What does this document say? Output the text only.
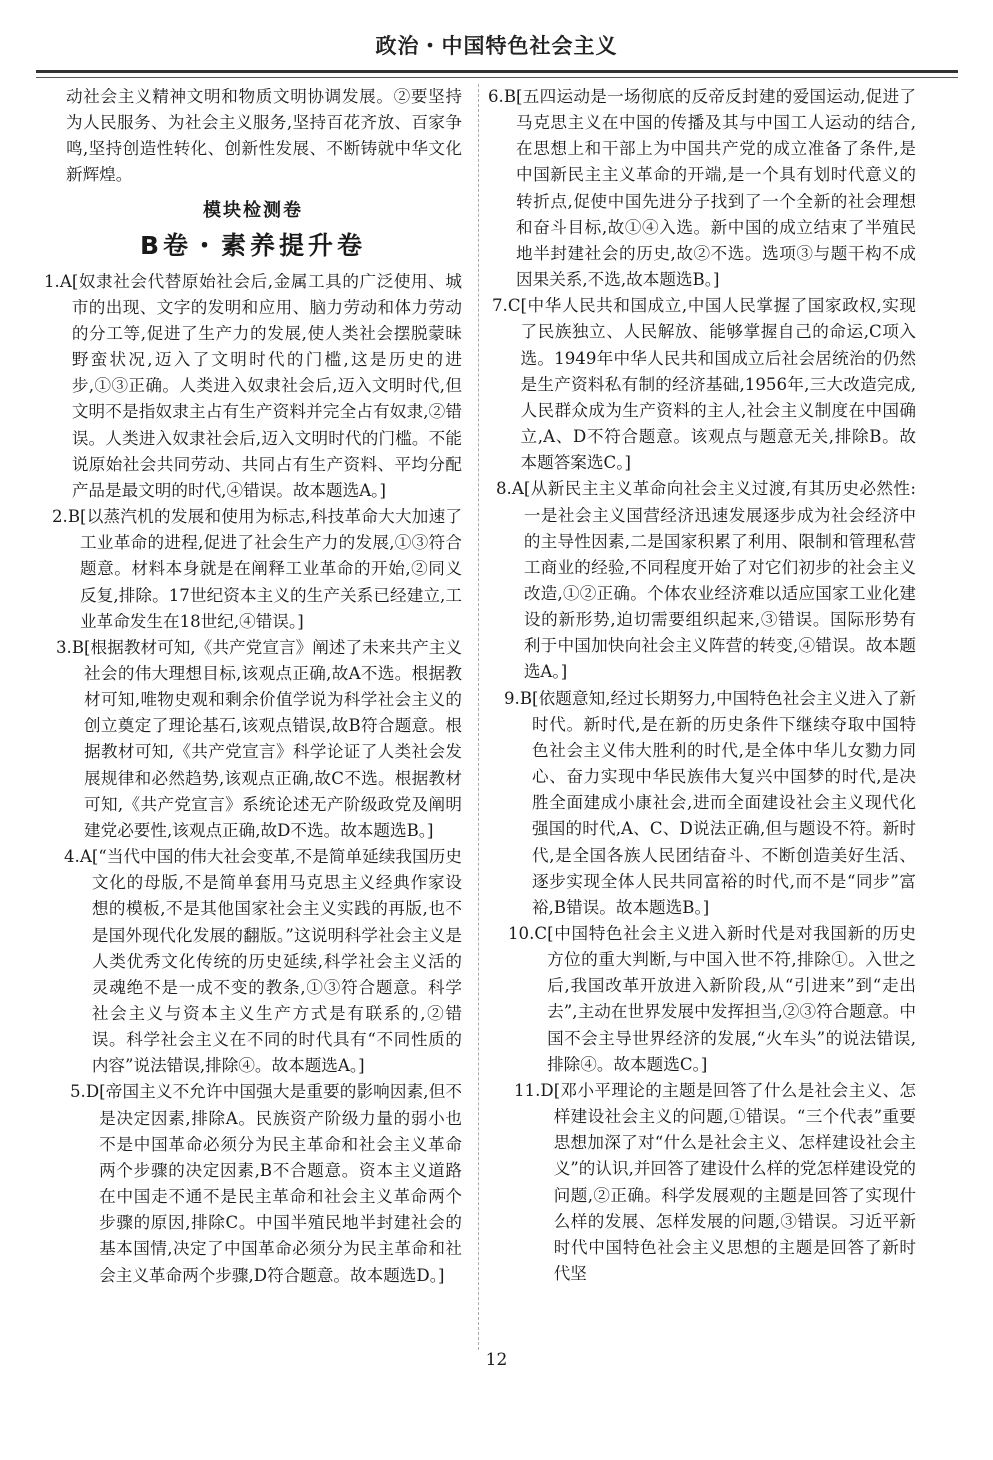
政治・中国特色社会主义

动社会主义精神文明和物质文明协调发展。②要坚持为人民服务、为社会主义服务,坚持百花齐放、百家争鸣,坚持创造性转化、创新性发展、不断铸就中华文化新辉煌。

模块检测卷
B卷・素养提升卷
1.A [奴隶社会代替原始社会后,金属工具的广泛使用、城市的出现、文字的发明和应用、脑力劳动和体力劳动的分工等,促进了生产力的发展,使人类社会摆脱蒙昧野蛮状况,迈入了文明时代的门槛,这是历史的进步,①③正确。人类进入奴隶社会后,迈入文明时代,但文明不是指奴隶主占有生产资料并完全占有奴隶,②错误。人类进入奴隶社会后,迈入文明时代的门槛。不能说原始社会共同劳动、共同占有生产资料、平均分配产品是最文明的时代,④错误。故本题选A。]
2.B [以蒸汽机的发展和使用为标志,科技革命大大加速了工业革命的进程,促进了社会生产力的发展,①③符合题意。材料本身就是在阐释工业革命的开始,②同义反复,排除。17世纪资本主义的生产关系已经建立,工业革命发生在18世纪,④错误。]
3.B [根据教材可知,《共产党宣言》阐述了未来共产主义社会的伟大理想目标,该观点正确,故A不选。根据教材可知,唯物史观和剩余价值学说为科学社会主义的创立奠定了理论基石,该观点错误,故B符合题意。根据教材可知,《共产党宣言》科学论证了人类社会发展规律和必然趋势,该观点正确,故C不选。根据教材可知,《共产党宣言》系统论述无产阶级政党及阐明建党必要性,该观点正确,故D不选。故本题选B。]
4.A [“当代中国的伟大社会变革,不是简单延续我国历史文化的母版,不是简单套用马克思主义经典作家设想的模板,不是其他国家社会主义实践的再版,也不是国外现代化发展的翻版。”这说明科学社会主义是人类优秀文化传统的历史延续,科学社会主义活的灵魂绝不是一成不变的教条,①③符合题意。科学社会主义与资本主义生产方式是有联系的,②错误。科学社会主义在不同的时代具有“不同性质的内容”说法错误,排除④。故本题选A。]
5.D [帝国主义不允许中国强大是重要的影响因素,但不是决定因素,排除A。民族资产阶级力量的弱小也不是中国革命必须分为民主革命和社会主义革命两个步骤的决定因素,B不合题意。资本主义道路在中国走不通不是民主革命和社会主义革命两个步骤的原因,排除C。中国半殖民地半封建社会的基本国情,决定了中国革命必须分为民主革命和社会主义革命两个步骤,D符合题意。故本题选D。]
6.B [五四运动是一场彻底的反帝反封建的爱国运动,促进了马克思主义在中国的传播及其与中国工人运动的结合,在思想上和干部上为中国共产党的成立准备了条件,是中国新民主主义革命的开端,是一个具有划时代意义的转折点,促使中国先进分子找到了一个全新的社会理想和奋斗目标,故①④入选。新中国的成立结束了半殖民地半封建社会的历史,故②不选。选项③与题干构不成因果关系,不选,故本题选B。]
7.C [中华人民共和国成立,中国人民掌握了国家政权,实现了民族独立、人民解放、能够掌握自己的命运,C项入选。1949年中华人民共和国成立后社会居统治的仍然是生产资料私有制的经济基础,1956年,三大改造完成,人民群众成为生产资料的主人,社会主义制度在中国确立,A、D不符合题意。该观点与题意无关,排除B。故本题答案选C。]
8.A [从新民主主义革命向社会主义过渡,有其历史必然性:一是社会主义国营经济迅速发展逐步成为社会经济中的主导性因素,二是国家积累了利用、限制和管理私营工商业的经验,不同程度开始了对它们初步的社会主义改造,①②正确。个体农业经济难以适应国家工业化建设的新形势,迫切需要组织起来,③错误。国际形势有利于中国加快向社会主义阵营的转变,④错误。故本题选A。]
9.B [依题意知,经过长期努力,中国特色社会主义进入了新时代。新时代,是在新的历史条件下继续夺取中国特色社会主义伟大胜利的时代,是全体中华儿女勠力同心、奋力实现中华民族伟大复兴中国梦的时代,是决胜全面建成小康社会,进而全面建设社会主义现代化强国的时代,A、C、D说法正确,但与题设不符。新时代,是全国各族人民团结奋斗、不断创造美好生活、逐步实现全体人民共同富裕的时代,而不是“同步”富裕,B错误。故本题选B。]
10.C [中国特色社会主义进入新时代是对我国新的历史方位的重大判断,与中国入世不符,排除①。入世之后,我国改革开放进入新阶段,从“引进来”到“走出去”,主动在世界发展中发挥担当,②③符合题意。中国不会主导世界经济的发展,“火车头”的说法错误,排除④。故本题选C。]
11.D [邓小平理论的主题是回答了什么是社会主义、怎样建设社会主义的问题,①错误。“三个代表”重要思想加深了对“什么是社会主义、怎样建设社会主义”的认识,并回答了建设什么样的党怎样建设党的问题,②正确。科学发展观的主题是回答了实现什么样的发展、怎样发展的问题,③错误。习近平新时代中国特色社会主义思想的主题是回答了新时代坚
12
